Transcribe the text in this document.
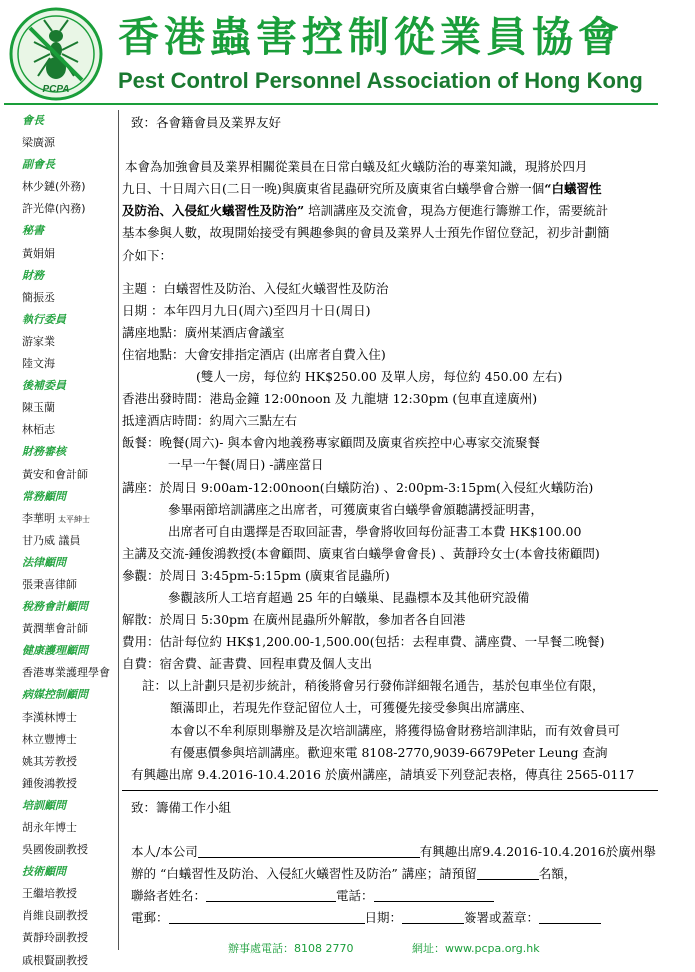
PCPA
香港蟲害控制從業員協會
Pest Control Personnel Association of Hong Kong
會長
梁廣源
副會長
林少鏈(外務)
許光偉(內務)
秘書
黃娟娟
財務
簡振丞
執行委員
游家業
陸文海
後補委員
陳玉蘭
林栢志
財務審核
黃安和會計師
常務顧問
李華明 太平紳士
甘乃威 議員
法律顧問
張秉喜律師
稅務會計顧問
黃潤華會計師
健康護理顧問
香港專業護理學會
病媒控制顧問
李漢林博士
林立豐博士
姚其芳教授
鍾俊鴻教授
培訓顧問
胡永年博士
吳國俊副教授
技術顧問
王繼培教授
肖維良副教授
黃靜玲副教授
戚根賢副教授
致：各會籍會員及業界友好
本會為加強會員及業界相關從業員在日常白蟻及紅火蟻防治的專業知識，現將於四月
九日、十日周六日(二日一晚)與廣東省昆蟲研究所及廣東省白蟻學會合辦一個“白蟻習性
及防治、入侵紅火蟻習性及防治” 培訓講座及交流會，現為方便進行籌辦工作，需要統計
基本參與人數，故現開始接受有興趣參與的會員及業界人士預先作留位登記，初步計劃簡
介如下：
主題 ：白蟻習性及防治、入侵紅火蟻習性及防治
日期 ：本年四月九日(周六)至四月十日(周日)
講座地點：廣州某酒店會議室
住宿地點：大會安排指定酒店 (出席者自費入住)
(雙人一房，每位約 HK$250.00 及單人房，每位約 450.00 左右)
香港出發時間：港島金鐘 12:00noon 及 九龍塘 12:30pm (包車直達廣州)
抵達酒店時間：約周六三點左右
飯餐：晚餐(周六)- 與本會內地義務專家顧問及廣東省疾控中心專家交流聚餐
一早一午餐(周日) -講座當日
講座：於周日 9:00am-12:00noon(白蟻防治) 、2:00pm-3:15pm(入侵紅火蟻防治)
參畢兩節培訓講座之出席者，可獲廣東省白蟻學會頒聽講授証明書，
出席者可自由選擇是否取回証書，學會將收回每份証書工本費 HK$100.00
主講及交流-鍾俊鴻教授(本會顧問、廣東省白蟻學會會長) 、黃靜玲女士(本會技術顧問)
參觀：於周日 3:45pm-5:15pm (廣東省昆蟲所)
參觀該所人工培育超過 25 年的白蟻巢、昆蟲標本及其他研究設備
解散：於周日 5:30pm 在廣州昆蟲所外解散，參加者各自回港
費用：估計每位約 HK$1,200.00-1,500.00(包括：去程車費、講座費、一早餐二晚餐)
自費：宿舍費、証書費、回程車費及個人支出
註：以上計劃只是初步統計，稍後將會另行發佈詳細報名通告，基於包車坐位有限，
額滿即止，若現先作登記留位人士，可獲優先接受參與出席講座、
本會以不牟利原則舉辦及是次培訓講座，將獲得協會財務培訓津貼，而有效會員可
有優惠價參與培訓講座。歡迎來電 8108-2770,9039-6679Peter Leung 查詢
有興趣出席 9.4.2016-10.4.2016 於廣州講座，請填妥下列登記表格，傳真往 2565-0117
致：籌備工作小組
本人/本公司	有興趣出席9.4.2016-10.4.2016於廣州舉
辦的 “白蟻習性及防治、入侵紅火蟻習性及防治” 講座；請預留	名額，
聯絡者姓名：	電話：
電郵：	日期：	簽署或蓋章：
辦事處電話：8108 2770	網址：www.pcpa.org.hk
